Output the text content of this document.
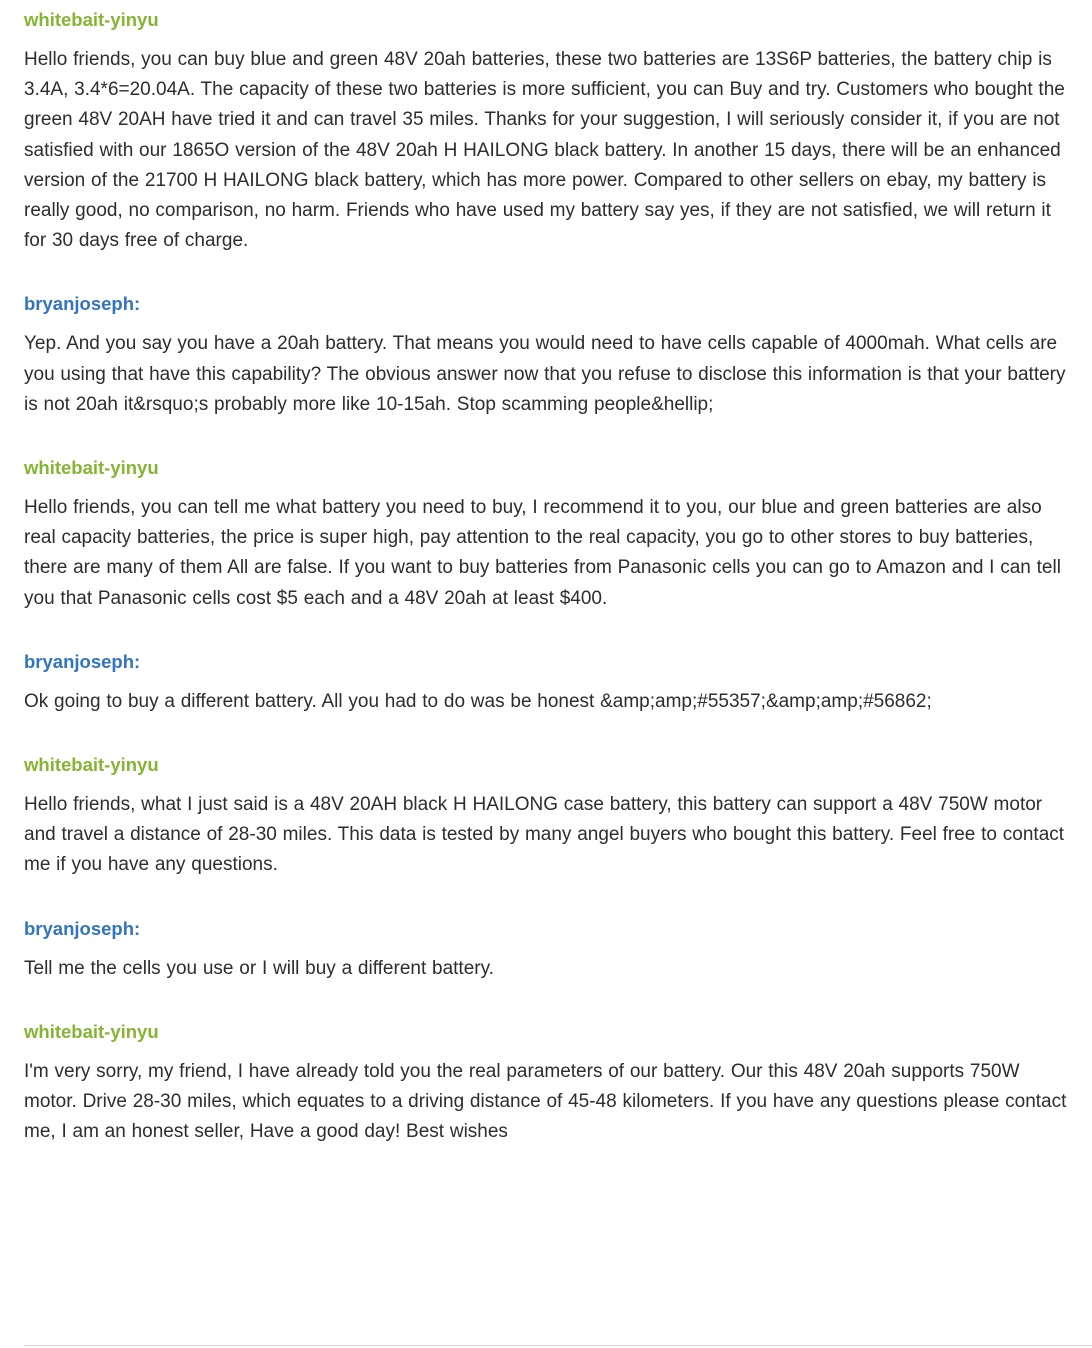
whitebait-yinyu

Hello friends, you can buy blue and green 48V 20ah batteries, these two batteries are 13S6P batteries, the battery chip is 3.4A, 3.4*6=20.04A. The capacity of these two batteries is more sufficient, you can Buy and try. Customers who bought the green 48V 20AH have tried it and can travel 35 miles. Thanks for your suggestion, I will seriously consider it, if you are not satisfied with our 1865O version of the 48V 20ah H HAILONG black battery. In another 15 days, there will be an enhanced version of the 21700 H HAILONG black battery, which has more power. Compared to other sellers on ebay, my battery is really good, no comparison, no harm. Friends who have used my battery say yes, if they are not satisfied, we will return it for 30 days free of charge.

bryanjoseph:

Yep. And you say you have a 20ah battery. That means you would need to have cells capable of 4000mah. What cells are you using that have this capability? The obvious answer now that you refuse to disclose this information is that your battery is not 20ah it&rsquo;s probably more like 10-15ah. Stop scamming people&hellip;

whitebait-yinyu

Hello friends, you can tell me what battery you need to buy, I recommend it to you, our blue and green batteries are also real capacity batteries, the price is super high, pay attention to the real capacity, you go to other stores to buy batteries, there are many of them All are false. If you want to buy batteries from Panasonic cells you can go to Amazon and I can tell you that Panasonic cells cost $5 each and a 48V 20ah at least $400.

bryanjoseph:

Ok going to buy a different battery. All you had to do was be honest &amp;amp;#55357;&amp;amp;#56862;

whitebait-yinyu

Hello friends, what I just said is a 48V 20AH black H HAILONG case battery, this battery can support a 48V 750W motor and travel a distance of 28-30 miles. This data is tested by many angel buyers who bought this battery. Feel free to contact me if you have any questions.

bryanjoseph:

Tell me the cells you use or I will buy a different battery.

whitebait-yinyu

I'm very sorry, my friend, I have already told you the real parameters of our battery. Our this 48V 20ah supports 750W motor. Drive 28-30 miles, which equates to a driving distance of 45-48 kilometers. If you have any questions please contact me, I am an honest seller, Have a good day! Best wishes
